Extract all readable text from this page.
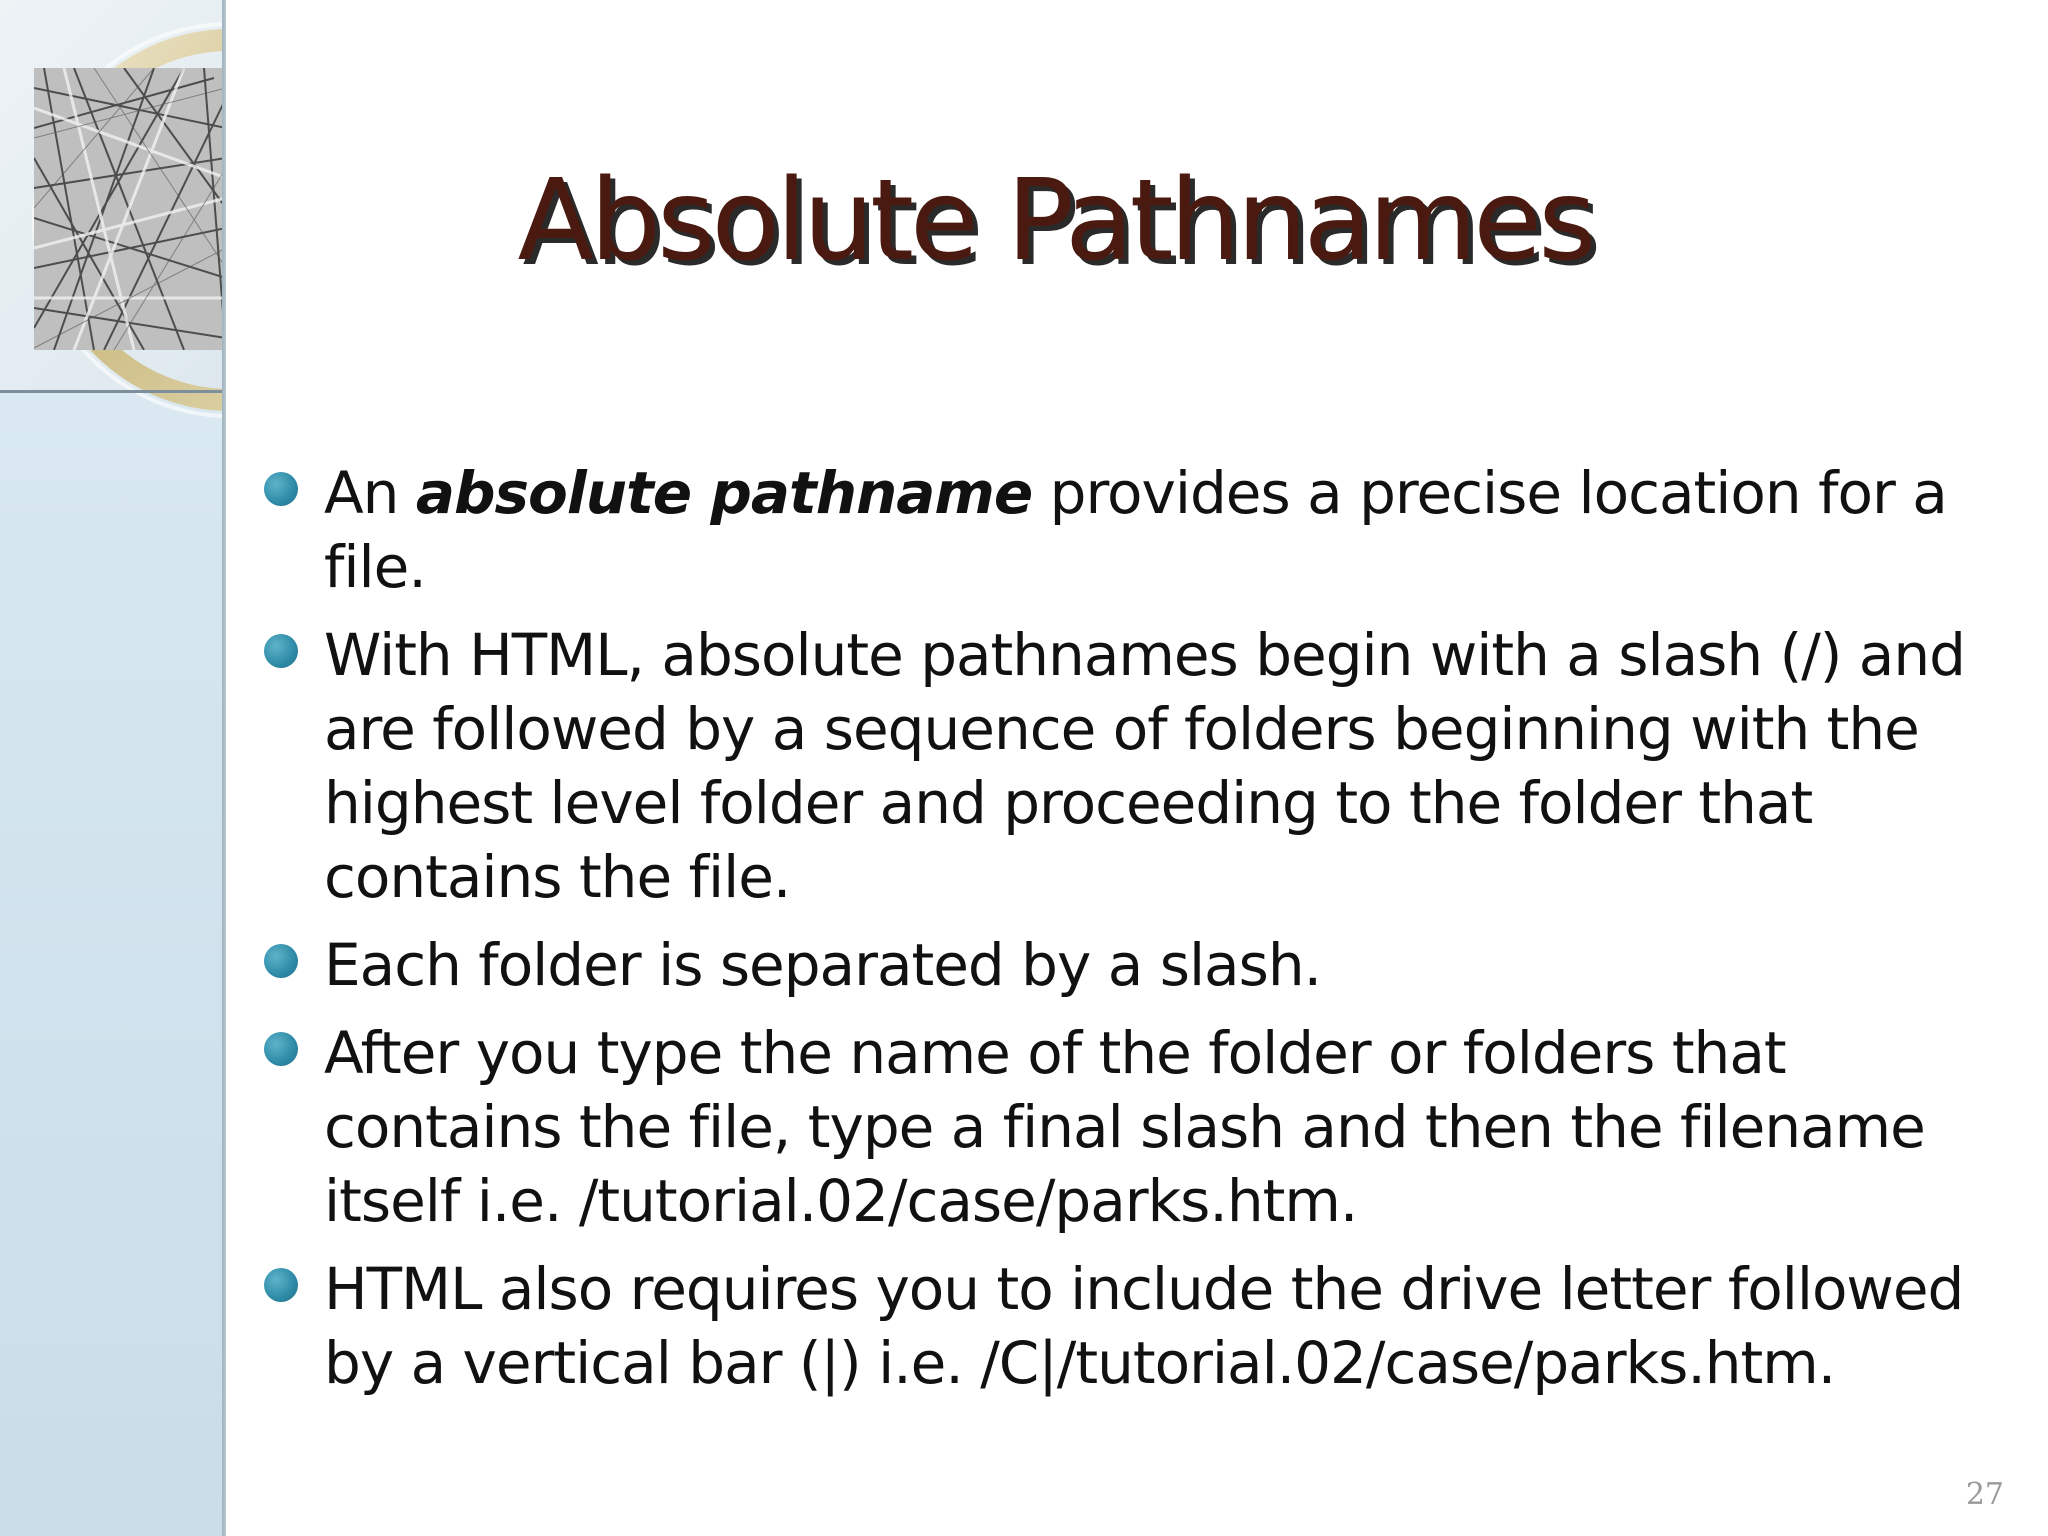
Absolute Pathnames
An absolute pathname provides a precise location for a file.
With HTML, absolute pathnames begin with a slash (/) and are followed by a sequence of folders beginning with the highest level folder and proceeding to the folder that contains the file.
Each folder is separated by a slash.
After you type the name of the folder or folders that contains the file, type a final slash and then the filename itself i.e. /tutorial.02/case/parks.htm.
HTML also requires you to include the drive letter followed by a vertical bar (|) i.e. /C|/tutorial.02/case/parks.htm.
27
